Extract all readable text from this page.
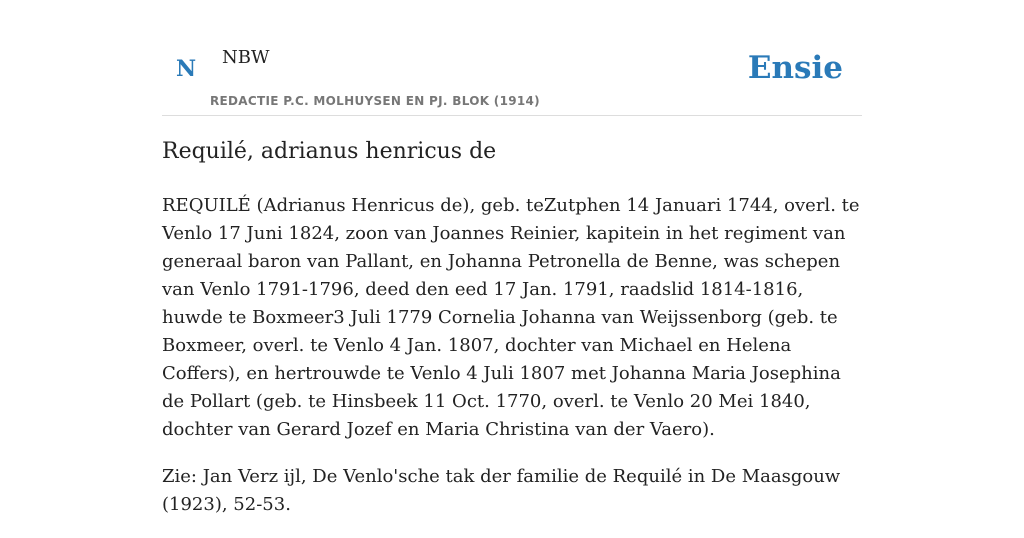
N NBW
REDACTIE P.C. MOLHUYSEN EN PJ. BLOK (1914)
Ensie
Requilé, adrianus henricus de

REQUILÉ (Adrianus Henricus de), geb. teZutphen 14 Januari 1744, overl. te Venlo 17 Juni 1824, zoon van Joannes Reinier, kapitein in het regiment van generaal baron van Pallant, en Johanna Petronella de Benne, was schepen van Venlo 1791-1796, deed den eed 17 Jan. 1791, raadslid 1814-1816, huwde te Boxmeer3 Juli 1779 Cornelia Johanna van Weijssenborg (geb. te Boxmeer, overl. te Venlo 4 Jan. 1807, dochter van Michael en Helena Coffers), en hertrouwde te Venlo 4 Juli 1807 met Johanna Maria Josephina de Pollart (geb. te Hinsbeek 11 Oct. 1770, overl. te Venlo 20 Mei 1840, dochter van Gerard Jozef en Maria Christina van der Vaero).

Zie: Jan Verz ijl, De Venlo'sche tak der familie de Requilé in De Maasgouw (1923), 52-53.
